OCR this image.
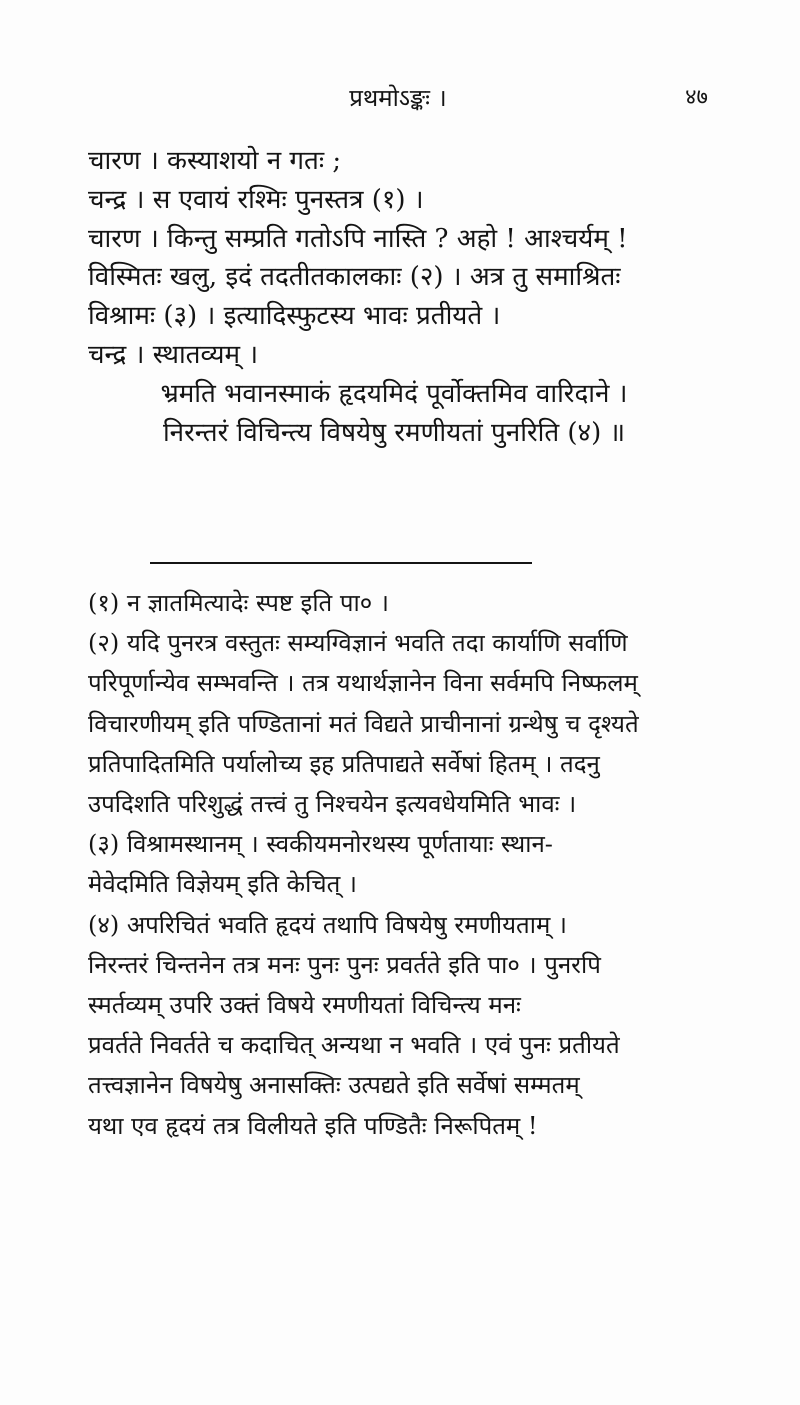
प्रथमोऽङ्कः ।	४७
चारण । कस्याशयो न गतः ;
चन्द्र । स एवायं रश्मिः पुनस्तत्र (१) ।
चारण । किन्तु सम्प्रति गतोऽपि नास्ति ? अहो ! आश्चर्यम् !
विस्मितः खलु, इदं तदतीतकालकाः (२) । अत्र तु समाश्रितः
विश्रामः (३) । इत्यादिस्फुटस्य भावः प्रतीयते ।
चन्द्र । स्थातव्यम् ।
भ्रमति भवानस्माकं हृदयमिदं पूर्वोक्तमिव वारिदाने ।
निरन्तरं विचिन्त्य विषयेषु रमणीयतां पुनरिति (४) ॥
(१) न ज्ञातमित्यादेः स्पष्ट इति पा० ।
(२) यदि पुनरत्र वस्तुतः सम्यग्विज्ञानं भवति तदा कार्याणि सर्वाणि
परिपूर्णान्येव सम्भवन्ति । तत्र यथार्थज्ञानेन विना सर्वमपि निष्फलम्
विचारणीयम् इति पण्डितानां मतं विद्यते प्राचीनानां ग्रन्थेषु च दृश्यते
प्रतिपादितमिति पर्यालोच्य इह प्रतिपाद्यते सर्वेषां हितम् । तदनु
उपदिशति परिशुद्धं तत्त्वं तु निश्चयेन इत्यवधेयमिति भावः ।
(३) विश्रामस्थानम् । स्वकीयमनोरथस्य पूर्णतायाः स्थान-
मेवेदमिति विज्ञेयम् इति केचित् ।
(४) अपरिचितं भवति हृदयं तथापि विषयेषु रमणीयताम् ।
निरन्तरं चिन्तनेन तत्र मनः पुनः पुनः प्रवर्तते इति पा० । पुनरपि
स्मर्तव्यम् उपरि उक्तं विषये रमणीयतां विचिन्त्य मनः
प्रवर्तते निवर्तते च कदाचित् अन्यथा न भवति । एवं पुनः प्रतीयते
तत्त्वज्ञानेन विषयेषु अनासक्तिः उत्पद्यते इति सर्वेषां सम्मतम्
यथा एव हृदयं तत्र विलीयते इति पण्डितैः निरूपितम् !
